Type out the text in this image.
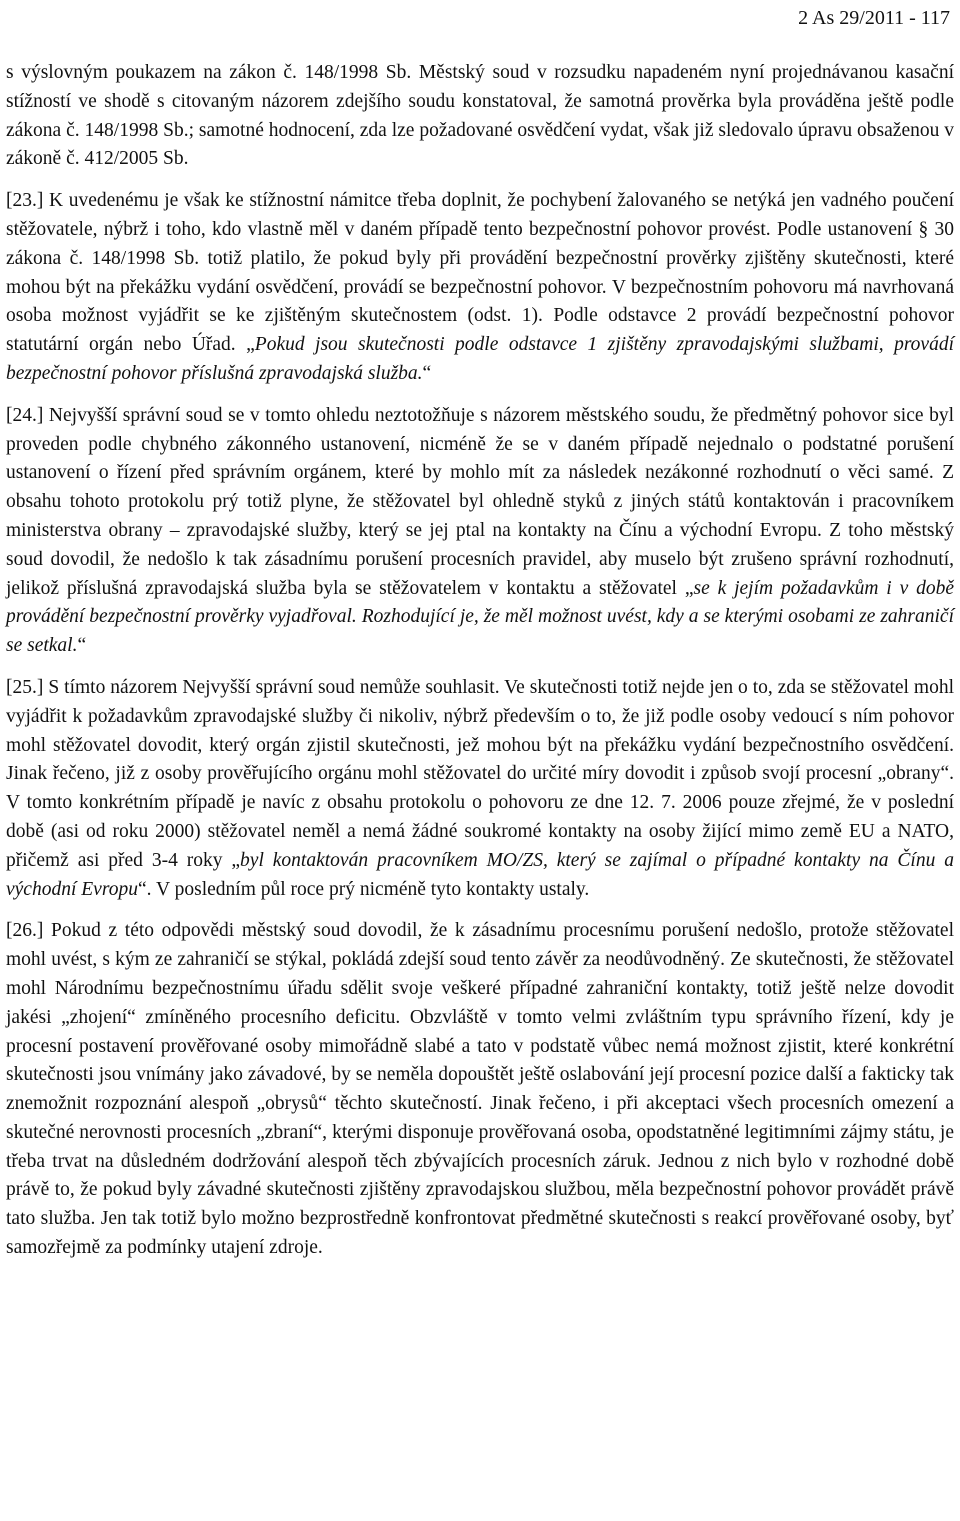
2 As 29/2011 - 117

s výslovným poukazem na zákon č. 148/1998 Sb. Městský soud v rozsudku napadeném nyní projednávanou kasační stížností ve shodě s citovaným názorem zdejšího soudu konstatoval, že samotná prověrka byla prováděna ještě podle zákona č. 148/1998 Sb.; samotné hodnocení, zda lze požadované osvědčení vydat, však již sledovalo úpravu obsaženou v zákoně č. 412/2005 Sb.

[23.] K uvedenému je však ke stížnostní námitce třeba doplnit, že pochybení žalovaného se netýká jen vadného poučení stěžovatele, nýbrž i toho, kdo vlastně měl v daném případě tento bezpečnostní pohovor provést. Podle ustanovení § 30 zákona č. 148/1998 Sb. totiž platilo, že pokud byly při provádění bezpečnostní prověrky zjištěny skutečnosti, které mohou být na překážku vydání osvědčení, provádí se bezpečnostní pohovor. V bezpečnostním pohovoru má navrhovaná osoba možnost vyjádřit se ke zjištěným skutečnostem (odst. 1). Podle odstavce 2 provádí bezpečnostní pohovor statutární orgán nebo Úřad. „Pokud jsou skutečnosti podle odstavce 1 zjištěny zpravodajskými službami, provádí bezpečnostní pohovor příslušná zpravodajská služba.“

[24.] Nejvyšší správní soud se v tomto ohledu neztotožňuje s názorem městského soudu, že předmětný pohovor sice byl proveden podle chybného zákonného ustanovení, nicméně že se v daném případě nejednalo o podstatné porušení ustanovení o řízení před správním orgánem, které by mohlo mít za následek nezákonné rozhodnutí o věci samé. Z obsahu tohoto protokolu prý totiž plyne, že stěžovatel byl ohledně styků z jiných států kontaktován i pracovníkem ministerstva obrany – zpravodajské služby, který se jej ptal na kontakty na Čínu a východní Evropu. Z toho městský soud dovodil, že nedošlo k tak zásadnímu porušení procesních pravidel, aby muselo být zrušeno správní rozhodnutí, jelikož příslušná zpravodajská služba byla se stěžovatelem v kontaktu a stěžovatel „se k jejím požadavkům i v době provádění bezpečnostní prověrky vyjadřoval. Rozhodující je, že měl možnost uvést, kdy a se kterými osobami ze zahraničí se setkal.“

[25.] S tímto názorem Nejvyšší správní soud nemůže souhlasit. Ve skutečnosti totiž nejde jen o to, zda se stěžovatel mohl vyjádřit k požadavkům zpravodajské služby či nikoliv, nýbrž především o to, že již podle osoby vedoucí s ním pohovor mohl stěžovatel dovodit, který orgán zjistil skutečnosti, jež mohou být na překážku vydání bezpečnostního osvědčení. Jinak řečeno, již z osoby prověřujícího orgánu mohl stěžovatel do určité míry dovodit i způsob svojí procesní „obrany“. V tomto konkrétním případě je navíc z obsahu protokolu o pohovoru ze dne 12. 7. 2006 pouze zřejmé, že v poslední době (asi od roku 2000) stěžovatel neměl a nemá žádné soukromé kontakty na osoby žijící mimo země EU a NATO, přičemž asi před 3-4 roky „byl kontaktován pracovníkem MO/ZS, který se zajímal o případné kontakty na Čínu a východní Evropu“. V posledním půl roce prý nicméně tyto kontakty ustaly.

[26.] Pokud z této odpovědi městský soud dovodil, že k zásadnímu procesnímu porušení nedošlo, protože stěžovatel mohl uvést, s kým ze zahraničí se stýkal, pokládá zdejší soud tento závěr za neodůvodněný. Ze skutečnosti, že stěžovatel mohl Národnímu bezpečnostnímu úřadu sdělit svoje veškeré případné zahraniční kontakty, totiž ještě nelze dovodit jakési „zhojení“ zmíněného procesního deficitu. Obzvláště v tomto velmi zvláštním typu správního řízení, kdy je procesní postavení prověřované osoby mimořádně slabé a tato v podstatě vůbec nemá možnost zjistit, které konkrétní skutečnosti jsou vnímány jako závadové, by se neměla dopouštět ještě oslabování její procesní pozice další a fakticky tak znemožnit rozpoznání alespoň „obrysů“ těchto skutečností. Jinak řečeno, i při akceptaci všech procesních omezení a skutečné nerovnosti procesních „zbraní“, kterými disponuje prověřovaná osoba, opodstatněné legitimními zájmy státu, je třeba trvat na důsledném dodržování alespoň těch zbývajících procesních záruk. Jednou z nich bylo v rozhodné době právě to, že pokud byly závadné skutečnosti zjištěny zpravodajskou službou, měla bezpečnostní pohovor provádět právě tato služba. Jen tak totiž bylo možno bezprostředně konfrontovat předmětné skutečnosti s reakcí prověřované osoby, byť samozřejmě za podmínky utajení zdroje.
